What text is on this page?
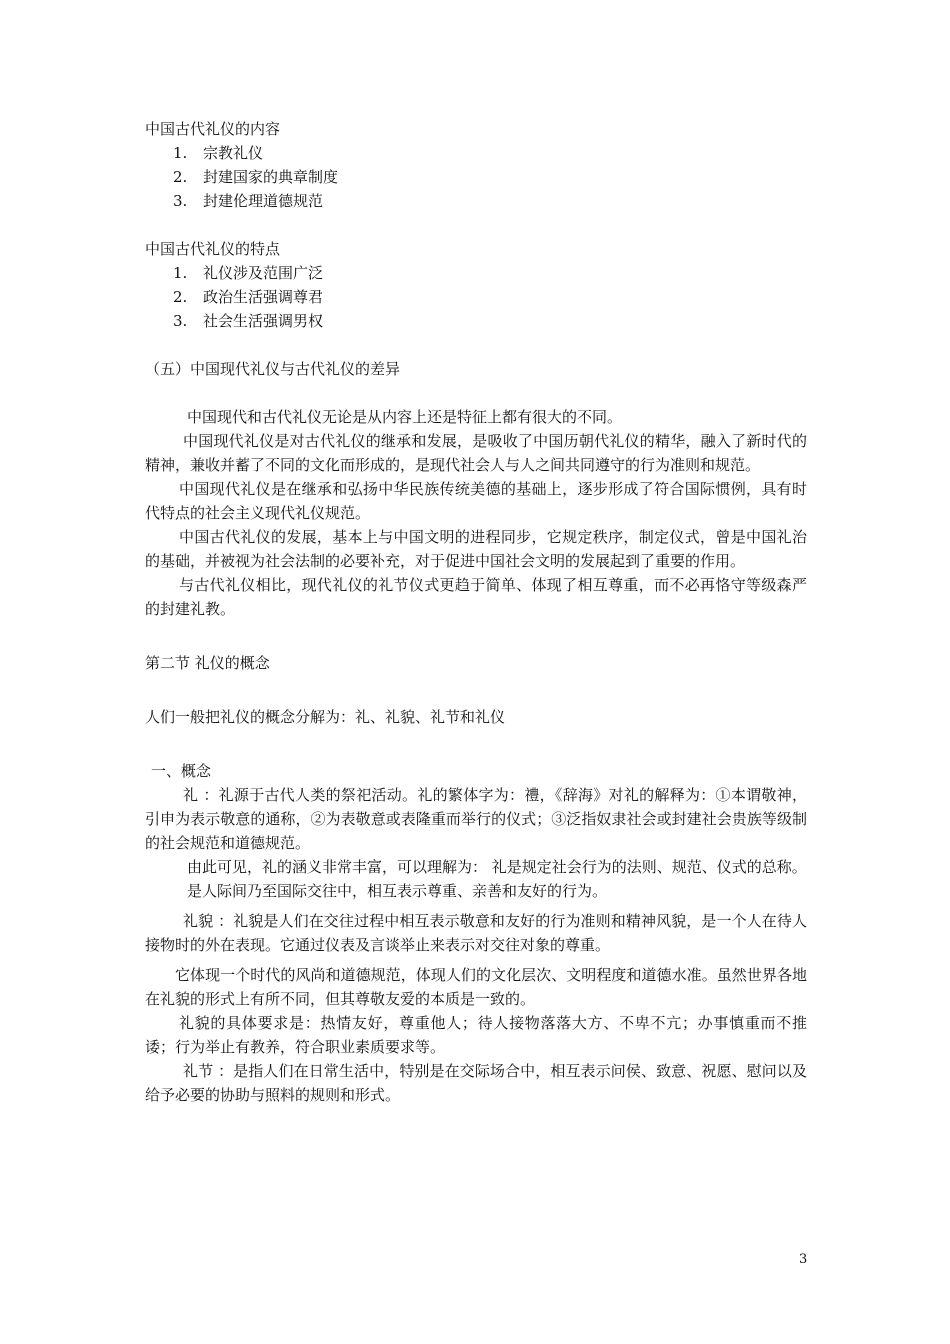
中国古代礼仪的内容
1. 宗教礼仪
2. 封建国家的典章制度
3. 封建伦理道德规范
中国古代礼仪的特点
1. 礼仪涉及范围广泛
2. 政治生活强调尊君
3. 社会生活强调男权
（五）中国现代礼仪与古代礼仪的差异
中国现代和古代礼仪无论是从内容上还是特征上都有很大的不同。
中国现代礼仪是对古代礼仪的继承和发展，是吸收了中国历朝代礼仪的精华，融入了新时代的精神，兼收并蓄了不同的文化而形成的，是现代社会人与人之间共同遵守的行为准则和规范。
中国现代礼仪是在继承和弘扬中华民族传统美德的基础上，逐步形成了符合国际惯例，具有时代特点的社会主义现代礼仪规范。
中国古代礼仪的发展，基本上与中国文明的进程同步，它规定秩序，制定仪式，曾是中国礼治的基础，并被视为社会法制的必要补充，对于促进中国社会文明的发展起到了重要的作用。
与古代礼仪相比，现代礼仪的礼节仪式更趋于简单、体现了相互尊重，而不必再恪守等级森严的封建礼教。
第二节 礼仪的概念
人们一般把礼仪的概念分解为：礼、礼貌、礼节和礼仪
一、概念
礼 ：礼源于古代人类的祭祀活动。礼的繁体字为：禮，《辞海》对礼的解释为：①本谓敬神，引申为表示敬意的通称，②为表敬意或表隆重而举行的仪式；③泛指奴隶社会或封建社会贵族等级制的社会规范和道德规范。
由此可见，礼的涵义非常丰富，可以理解为： 礼是规定社会行为的法则、规范、仪式的总称。
是人际间乃至国际交往中，相互表示尊重、亲善和友好的行为。
礼貌 ：礼貌是人们在交往过程中相互表示敬意和友好的行为准则和精神风貌，是一个人在待人接物时的外在表现。它通过仪表及言谈举止来表示对交往对象的尊重。
它体现一个时代的风尚和道德规范，体现人们的文化层次、文明程度和道德水准。虽然世界各地在礼貌的形式上有所不同，但其尊敬友爱的本质是一致的。
礼貌的具体要求是：热情友好，尊重他人；待人接物落落大方、不卑不亢；办事慎重而不推诿；行为举止有教养，符合职业素质要求等。
礼节 ：是指人们在日常生活中，特别是在交际场合中，相互表示问侯、致意、祝愿、慰问以及给予必要的协助与照料的规则和形式。
3
